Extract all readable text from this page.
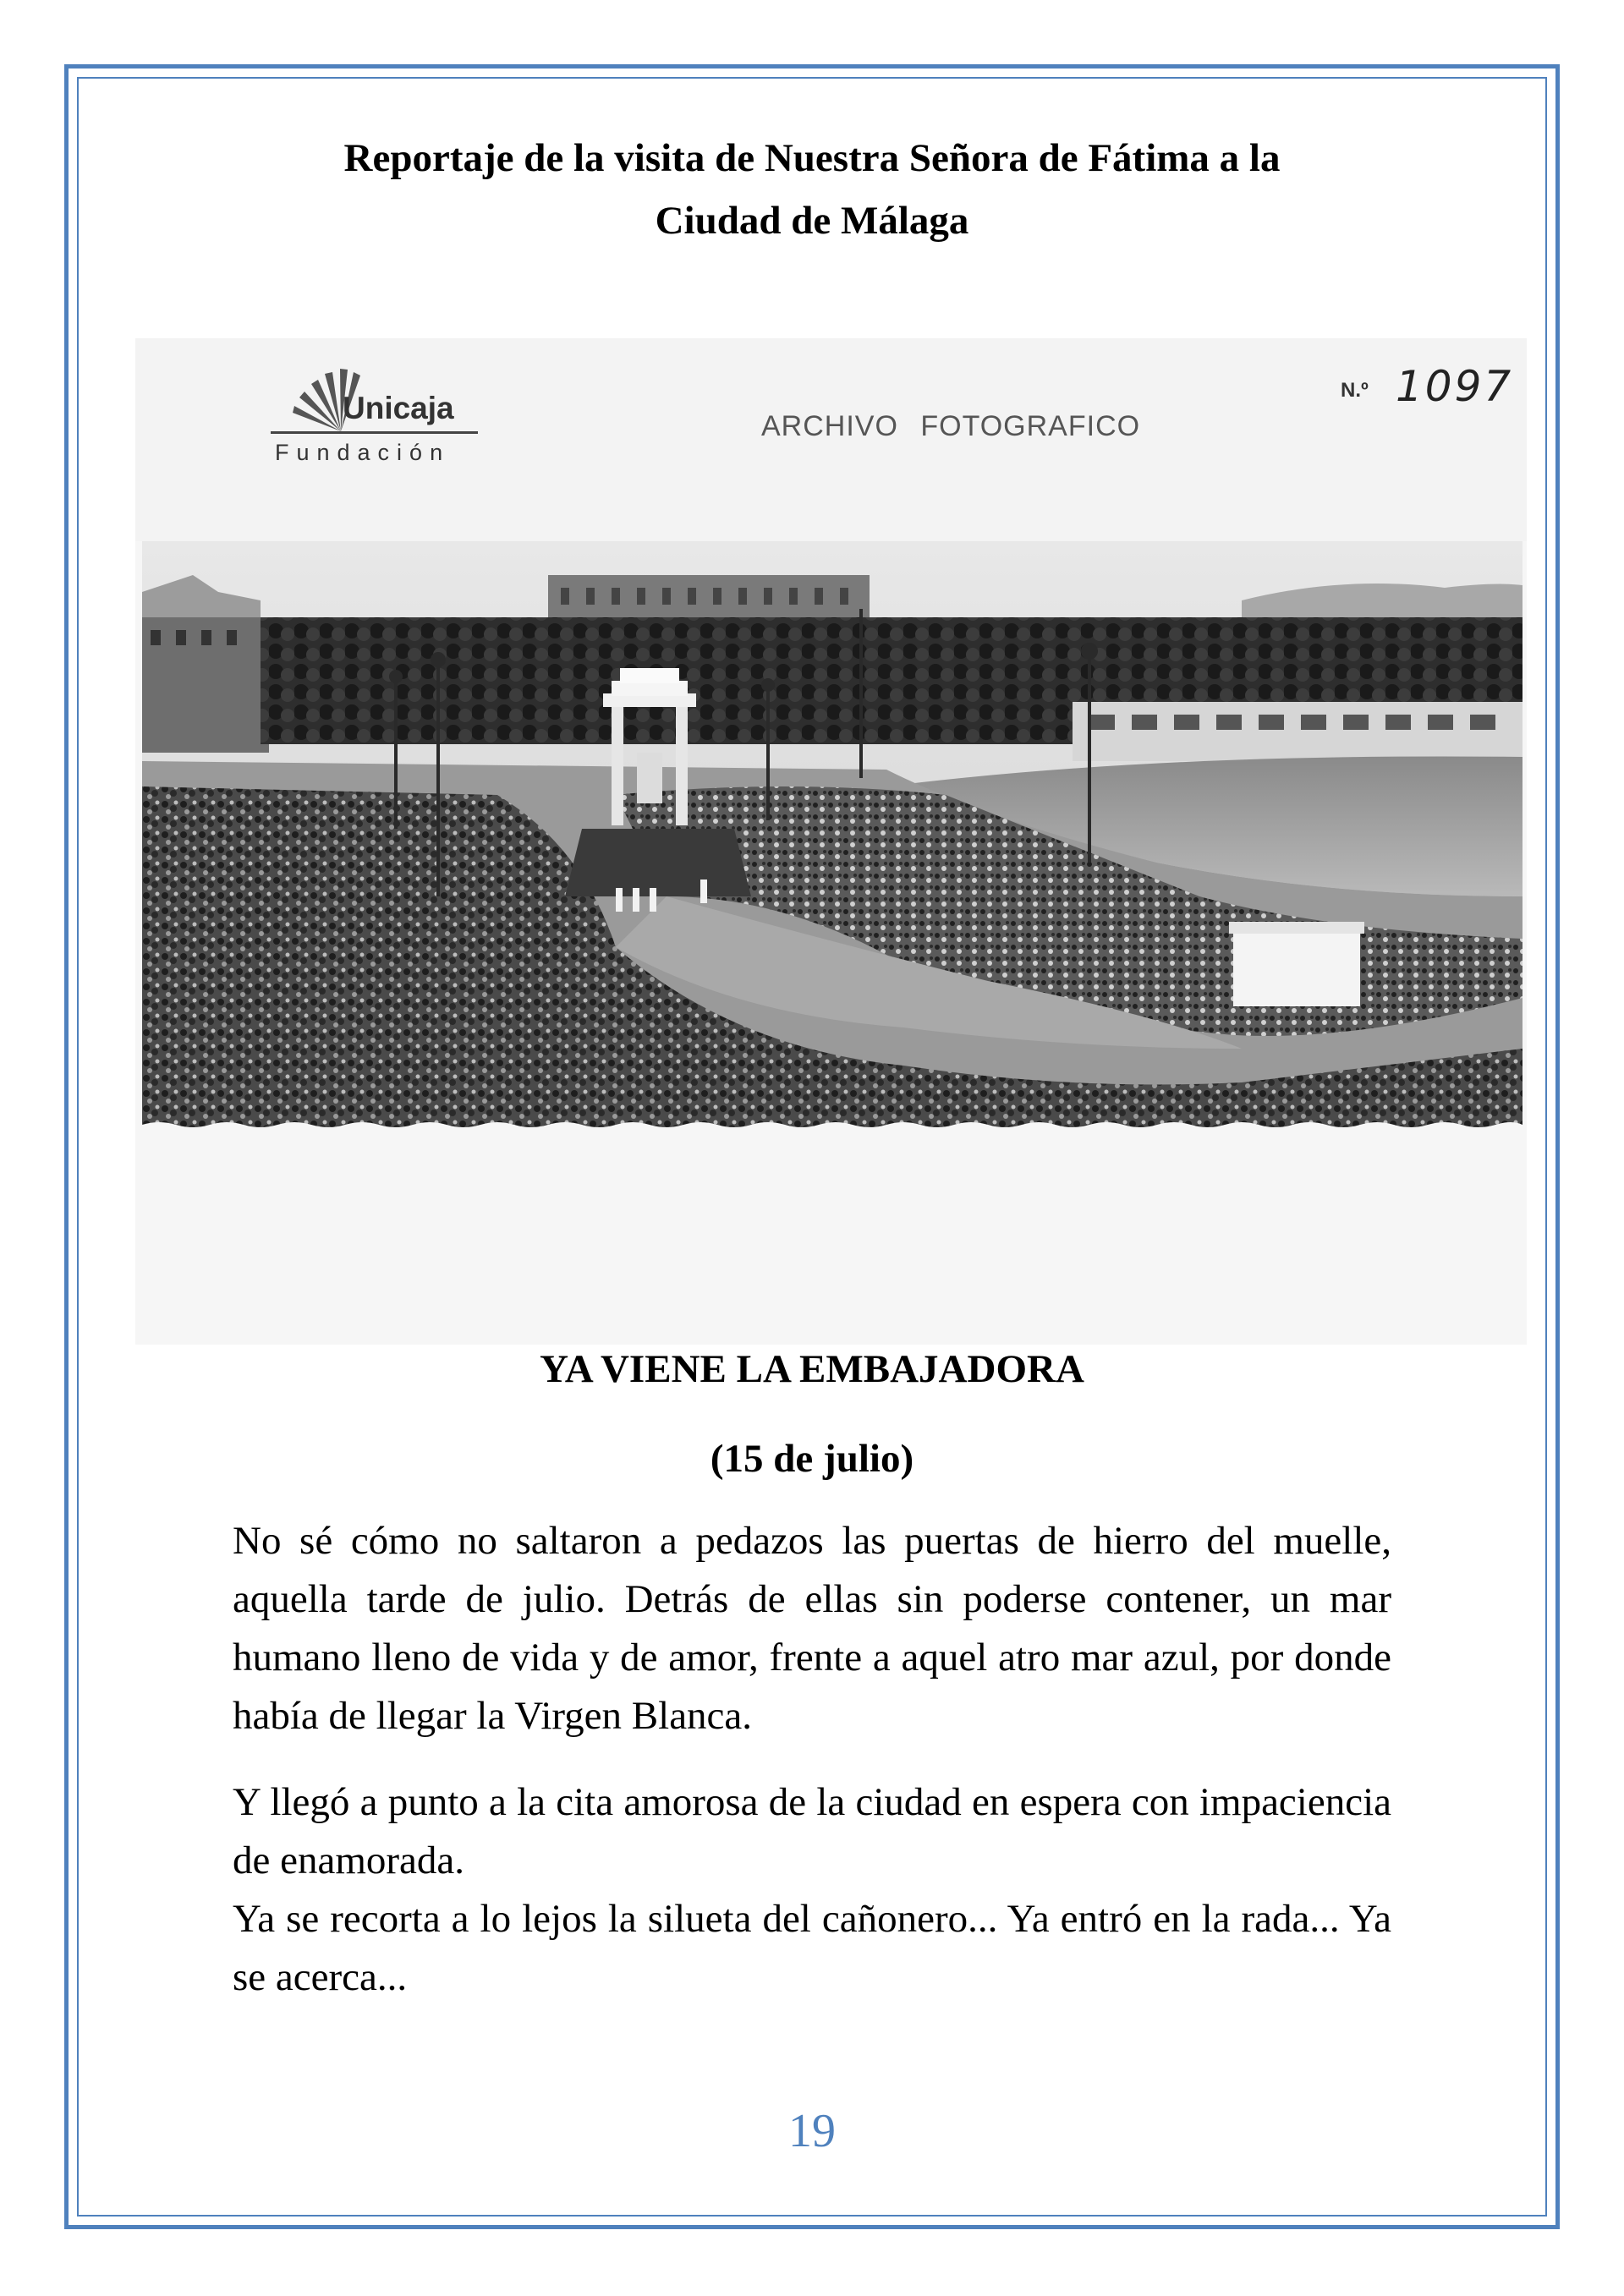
Reportaje de la visita de Nuestra Señora de Fátima a la
Ciudad de Málaga
Unicaja
Fundación
ARCHIVO FOTOGRAFICO
N.º 1097
YA VIENE LA EMBAJADORA
(15 de julio)

No sé cómo no saltaron a pedazos las puertas de hierro del muelle, aquella tarde de julio. Detrás de ellas sin poderse contener, un mar humano lleno de vida y de amor, frente a aquel atro mar azul, por donde había de llegar la Virgen Blanca.

Y llegó a punto a la cita amorosa de la ciudad en espera con impaciencia de enamorada.

Ya se recorta a lo lejos la silueta del cañonero... Ya entró en la rada... Ya se acerca...

19
